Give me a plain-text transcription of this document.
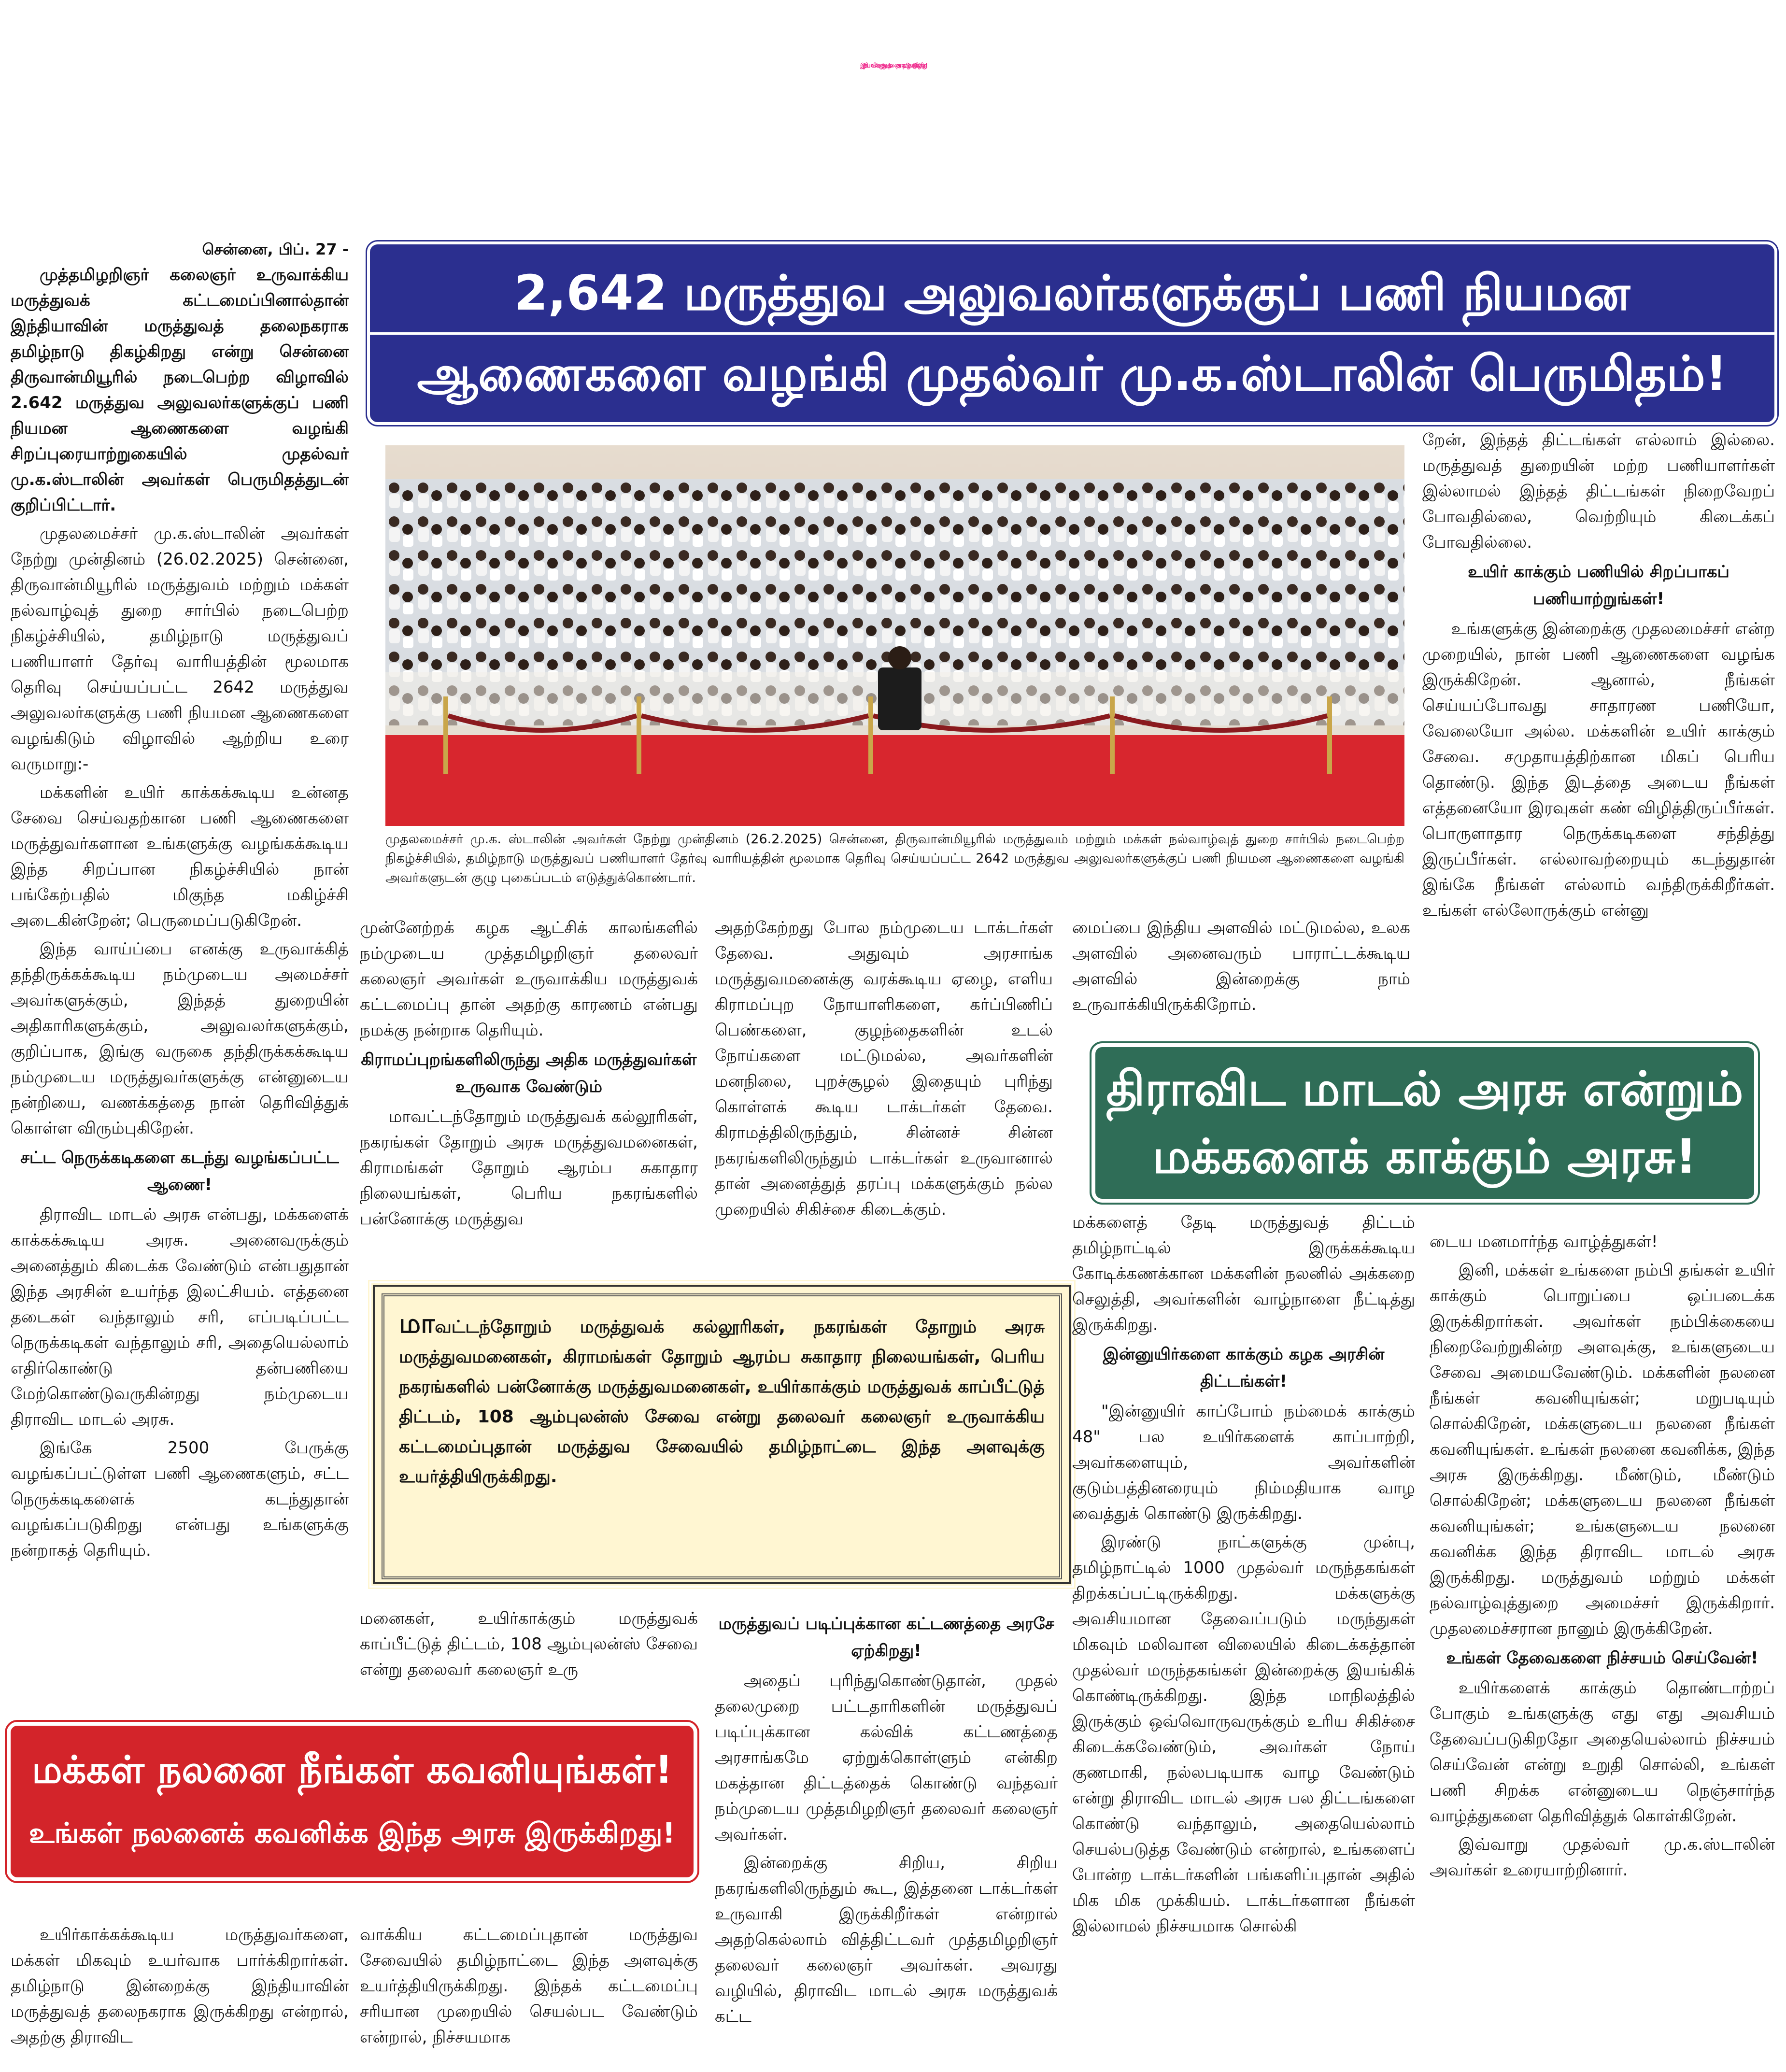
இந்தியாவின் மருத்துவத் தலைநகராக தமிழ்நாடு திகழ்கிறது!
சென்னை, பிப். 27 -

முத்தமிழறிஞர் கலைஞர் உருவாக்கிய மருத்துவக் கட்டமைப்பினால்தான் இந்தியாவின் மருத்துவத் தலைநகராக தமிழ்நாடு திகழ்கிறது என்று சென்னை திருவான்மியூரில் நடைபெற்ற விழாவில் 2.642 மருத்துவ அலுவலர்களுக்குப் பணி நியமன ஆணைகளை வழங்கி சிறப்புரையாற்றுகையில் முதல்வர் மு.க.ஸ்டாலின் அவர்கள் பெருமிதத்துடன் குறிப்பிட்டார்.

முதலமைச்சர் மு.க.ஸ்டாலின் அவர்கள் நேற்று முன்தினம் (26.02.2025) சென்னை, திருவான்மியூரில் மருத்துவம் மற்றும் மக்கள் நல்வாழ்வுத் துறை சார்பில் நடைபெற்ற நிகழ்ச்சியில், தமிழ்நாடு மருத்துவப் பணியாளர் தேர்வு வாரியத்தின் மூலமாக தெரிவு செய்யப்பட்ட 2642 மருத்துவ அலுவலர்களுக்கு பணி நியமன ஆணைகளை வழங்கிடும் விழாவில் ஆற்றிய உரை வருமாறு:-

மக்களின் உயிர் காக்கக்கூடிய உன்னத சேவை செய்வதற்கான பணி ஆணைகளை மருத்துவர்களான உங்களுக்கு வழங்கக்கூடிய இந்த சிறப்பான நிகழ்ச்சியில் நான் பங்கேற்பதில் மிகுந்த மகிழ்ச்சி அடைகின்றேன்; பெருமைப்படுகிறேன்.

இந்த வாய்ப்பை எனக்கு உருவாக்கித் தந்திருக்கக்கூடிய நம்முடைய அமைச்சர் அவர்களுக்கும், இந்தத் துறையின் அதிகாரிகளுக்கும், அலுவலர்களுக்கும், குறிப்பாக, இங்கு வருகை தந்திருக்கக்கூடிய நம்முடைய மருத்துவர்களுக்கு என்னுடைய நன்றியை, வணக்கத்தை நான் தெரிவித்துக் கொள்ள விரும்புகிறேன்.

சட்ட நெருக்கடிகளை கடந்து வழங்கப்பட்ட ஆணை!

திராவிட மாடல் அரசு என்பது, மக்களைக் காக்கக்கூடிய அரசு. அனைவருக்கும் அனைத்தும் கிடைக்க வேண்டும் என்பதுதான் இந்த அரசின் உயர்ந்த இலட்சியம். எத்தனை தடைகள் வந்தாலும் சரி, எப்படிப்பட்ட நெருக்கடிகள் வந்தாலும் சரி, அதையெல்லாம் எதிர்கொண்டு தன்பணியை மேற்கொண்டுவருகின்றது நம்முடைய திராவிட மாடல் அரசு.

இங்கே 2500 பேருக்கு வழங்கப்பட்டுள்ள பணி ஆணைகளும், சட்ட நெருக்கடிகளைக் கடந்துதான் வழங்கப்படுகிறது என்பது உங்களுக்கு நன்றாகத் தெரியும்.

2,642 மருத்துவ அலுவலர்களுக்குப் பணி நியமன
ஆணைகளை வழங்கி முதல்வர் மு.க.ஸ்டாலின் பெருமிதம்!
முதலமைச்சர் மு.க. ஸ்டாலின் அவர்கள் நேற்று முன்தினம் (26.2.2025) சென்னை, திருவான்மியூரில் மருத்துவம் மற்றும் மக்கள் நல்வாழ்வுத் துறை சார்பில் நடைபெற்ற நிகழ்ச்சியில், தமிழ்நாடு மருத்துவப் பணியாளர் தேர்வு வாரியத்தின் மூலமாக தெரிவு செய்யப்பட்ட 2642 மருத்துவ அலுவலர்களுக்குப் பணி நியமன ஆணைகளை வழங்கி அவர்களுடன் குழு புகைப்படம் எடுத்துக்கொண்டார்.

றேன், இந்தத் திட்டங்கள் எல்லாம் இல்லை. மருத்துவத் துறையின் மற்ற பணியாளர்கள் இல்லாமல் இந்தத் திட்டங்கள் நிறைவேறப் போவதில்லை, வெற்றியும் கிடைக்கப் போவதில்லை.

உயிர் காக்கும் பணியில் சிறப்பாகப் பணியாற்றுங்கள்!

உங்களுக்கு இன்றைக்கு முதலமைச்சர் என்ற முறையில், நான் பணி ஆணைகளை வழங்க இருக்கிறேன். ஆனால், நீங்கள் செய்யப்போவது சாதாரண பணியோ, வேலையோ அல்ல. மக்களின் உயிர் காக்கும் சேவை. சமுதாயத்திற்கான மிகப் பெரிய தொண்டு. இந்த இடத்தை அடைய நீங்கள் எத்தனையோ இரவுகள் கண் விழித்திருப்பீர்கள். பொருளாதார நெருக்கடிகளை சந்தித்து இருப்பீர்கள். எல்லாவற்றையும் கடந்துதான் இங்கே நீங்கள் எல்லாம் வந்திருக்கிறீர்கள். உங்கள் எல்லோருக்கும் என்னு

முன்னேற்றக் கழக ஆட்சிக் காலங்களில் நம்முடைய முத்தமிழறிஞர் தலைவர் கலைஞர் அவர்கள் உருவாக்கிய மருத்துவக் கட்டமைப்பு தான் அதற்கு காரணம் என்பது நமக்கு நன்றாக தெரியும்.

கிராமப்புறங்களிலிருந்து அதிக மருத்துவர்கள் உருவாக வேண்டும்

மாவட்டந்தோறும் மருத்துவக் கல்லூரிகள், நகரங்கள் தோறும் அரசு மருத்துவமனைகள், கிராமங்கள் தோறும் ஆரம்ப சுகாதார நிலையங்கள், பெரிய நகரங்களில் பன்னோக்கு மருத்துவ

அதற்கேற்றது போல நம்முடைய டாக்டர்கள் தேவை. அதுவும் அரசாங்க மருத்துவமனைக்கு வரக்கூடிய ஏழை, எளிய கிராமப்புற நோயாளிகளை, கர்ப்பிணிப் பெண்களை, குழந்தைகளின் உடல் நோய்களை மட்டுமல்ல, அவர்களின் மனநிலை, புறச்சூழல் இதையும் புரிந்து கொள்ளக் கூடிய டாக்டர்கள் தேவை. கிராமத்திலிருந்தும், சின்னச் சின்ன நகரங்களிலிருந்தும் டாக்டர்கள் உருவானால் தான் அனைத்துத் தரப்பு மக்களுக்கும் நல்ல முறையில் சிகிச்சை கிடைக்கும்.

மைப்பை இந்திய அளவில் மட்டுமல்ல, உலக அளவில் அனைவரும் பாராட்டக்கூடிய அளவில் இன்றைக்கு நாம் உருவாக்கியிருக்கிறோம்.

திராவிட மாடல் அரசு என்றும்
மக்களைக் காக்கும் அரசு!
மாவட்டந்தோறும் மருத்துவக் கல்லூரிகள், நகரங்கள் தோறும் அரசு மருத்துவமனைகள், கிராமங்கள் தோறும் ஆரம்ப சுகாதார நிலையங்கள், பெரிய நகரங்களில் பன்னோக்கு மருத்துவமனைகள், உயிர்காக்கும் மருத்துவக் காப்பீட்டுத் திட்டம், 108 ஆம்புலன்ஸ் சேவை என்று தலைவர் கலைஞர் உருவாக்கிய கட்டமைப்புதான் மருத்துவ சேவையில் தமிழ்நாட்டை இந்த அளவுக்கு உயர்த்தியிருக்கிறது.

மக்களைத் தேடி மருத்துவத் திட்டம் தமிழ்நாட்டில் இருக்கக்கூடிய கோடிக்கணக்கான மக்களின் நலனில் அக்கறை செலுத்தி, அவர்களின் வாழ்நாளை நீட்டித்து இருக்கிறது.

இன்னுயிர்களை காக்கும் கழக அரசின் திட்டங்கள்!

"இன்னுயிர் காப்போம் நம்மைக் காக்கும் 48" பல உயிர்களைக் காப்பாற்றி, அவர்களையும், அவர்களின் குடும்பத்தினரையும் நிம்மதியாக வாழ வைத்துக் கொண்டு இருக்கிறது.

இரண்டு நாட்களுக்கு முன்பு, தமிழ்நாட்டில் 1000 முதல்வர் மருந்தகங்கள் திறக்கப்பட்டிருக்கிறது. மக்களுக்கு அவசியமான தேவைப்படும் மருந்துகள் மிகவும் மலிவான விலையில் கிடைக்கத்தான் முதல்வர் மருந்தகங்கள் இன்றைக்கு இயங்கிக் கொண்டிருக்கிறது. இந்த மாநிலத்தில் இருக்கும் ஒவ்வொருவருக்கும் உரிய சிகிச்சை கிடைக்கவேண்டும், அவர்கள் நோய் குணமாகி, நல்லபடியாக வாழ வேண்டும் என்று திராவிட மாடல் அரசு பல திட்டங்களை கொண்டு வந்தாலும், அதையெல்லாம் செயல்படுத்த வேண்டும் என்றால், உங்களைப் போன்ற டாக்டர்களின் பங்களிப்புதான் அதில் மிக மிக முக்கியம். டாக்டர்களான நீங்கள் இல்லாமல் நிச்சயமாக சொல்கி

டைய மனமார்ந்த வாழ்த்துகள்!

இனி, மக்கள் உங்களை நம்பி தங்கள் உயிர் காக்கும் பொறுப்பை ஒப்படைக்க இருக்கிறார்கள். அவர்கள் நம்பிக்கையை நிறைவேற்றுகின்ற அளவுக்கு, உங்களுடைய சேவை அமையவேண்டும். மக்களின் நலனை நீங்கள் கவனியுங்கள்; மறுபடியும் சொல்கிறேன், மக்களுடைய நலனை நீங்கள் கவனியுங்கள். உங்கள் நலனை கவனிக்க, இந்த அரசு இருக்கிறது. மீண்டும், மீண்டும் சொல்கிறேன்; மக்களுடைய நலனை நீங்கள் கவனியுங்கள்; உங்களுடைய நலனை கவனிக்க இந்த திராவிட மாடல் அரசு இருக்கிறது. மருத்துவம் மற்றும் மக்கள் நல்வாழ்வுத்துறை அமைச்சர் இருக்கிறார். முதலமைச்சரான நானும் இருக்கிறேன்.

உங்கள் தேவைகளை நிச்சயம் செய்வேன்!

உயிர்களைக் காக்கும் தொண்டாற்றப் போகும் உங்களுக்கு எது எது அவசியம் தேவைப்படுகிறதோ அதையெல்லாம் நிச்சயம் செய்வேன் என்று உறுதி சொல்லி, உங்கள் பணி சிறக்க என்னுடைய நெஞ்சார்ந்த வாழ்த்துகளை தெரிவித்துக் கொள்கிறேன்.

இவ்வாறு முதல்வர் மு.க.ஸ்டாலின் அவர்கள் உரையாற்றினார்.

மனைகள், உயிர்காக்கும் மருத்துவக் காப்பீட்டுத் திட்டம், 108 ஆம்புலன்ஸ் சேவை என்று தலைவர் கலைஞர் உரு

மருத்துவப் படிப்புக்கான கட்டணத்தை அரசே ஏற்கிறது!

அதைப் புரிந்துகொண்டுதான், முதல் தலைமுறை பட்டதாரிகளின் மருத்துவப் படிப்புக்கான கல்விக் கட்டணத்தை அரசாங்கமே ஏற்றுக்கொள்ளும் என்கிற மகத்தான திட்டத்தைக் கொண்டு வந்தவர் நம்முடைய முத்தமிழறிஞர் தலைவர் கலைஞர் அவர்கள்.

இன்றைக்கு சிறிய, சிறிய நகரங்களிலிருந்தும் கூட, இத்தனை டாக்டர்கள் உருவாகி இருக்கிறீர்கள் என்றால் அதற்கெல்லாம் வித்திட்டவர் முத்தமிழறிஞர் தலைவர் கலைஞர் அவர்கள். அவரது வழியில், திராவிட மாடல் அரசு மருத்துவக் கட்ட

மக்கள் நலனை நீங்கள் கவனியுங்கள்!
உங்கள் நலனைக் கவனிக்க இந்த அரசு இருக்கிறது!

உயிர்காக்கக்கூடிய மருத்துவர்களை, மக்கள் மிகவும் உயர்வாக பார்க்கிறார்கள். தமிழ்நாடு இன்றைக்கு இந்தியாவின் மருத்துவத் தலைநகராக இருக்கிறது என்றால், அதற்கு திராவிட

வாக்கிய கட்டமைப்புதான் மருத்துவ சேவையில் தமிழ்நாட்டை இந்த அளவுக்கு உயர்த்தியிருக்கிறது. இந்தக் கட்டமைப்பு சரியான முறையில் செயல்பட வேண்டும் என்றால், நிச்சயமாக
